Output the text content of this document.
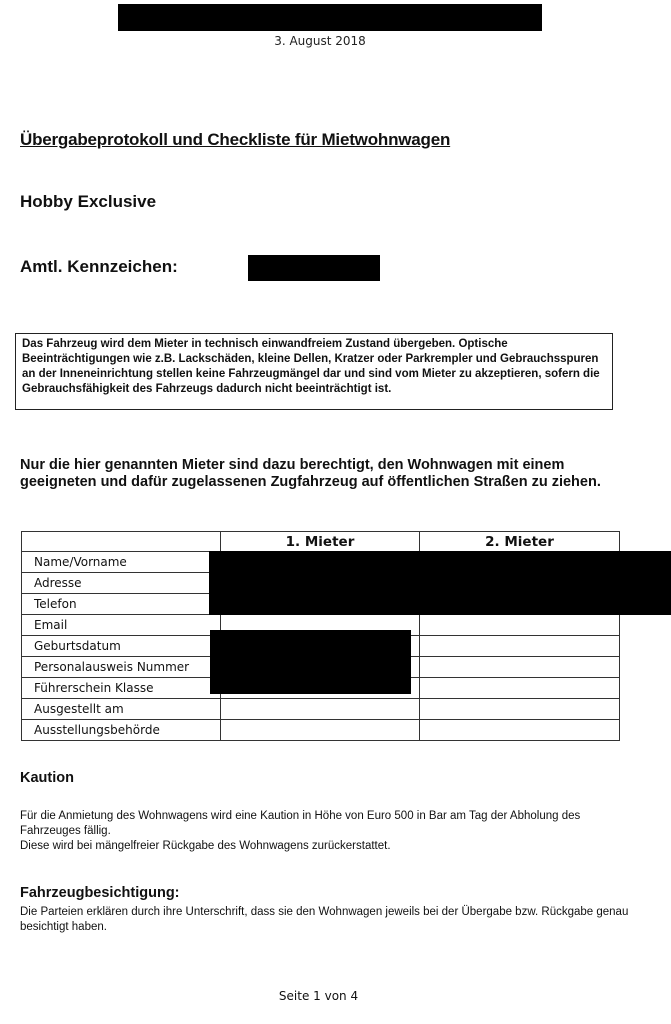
3. August 2018
Übergabeprotokoll und Checkliste für Mietwohnwagen
Hobby Exclusive
Amtl. Kennzeichen:
Das Fahrzeug wird dem Mieter in technisch einwandfreiem Zustand übergeben. Optische Beeinträchtigungen wie z.B. Lackschäden, kleine Dellen, Kratzer oder Parkrempler und Gebrauchsspuren an der Inneneinrichtung stellen keine Fahrzeugmängel dar und sind vom Mieter zu akzeptieren, sofern die Gebrauchsfähigkeit des Fahrzeugs dadurch nicht beeinträchtigt ist.
Nur die hier genannten Mieter sind dazu berechtigt, den Wohnwagen mit einem geeigneten und dafür zugelassenen Zugfahrzeug auf öffentlichen Straßen zu ziehen.
	1. Mieter	2. Mieter
Name/Vorname		
Adresse		
Telefon		
Email		
Geburtsdatum		
Personalausweis Nummer		
Führerschein Klasse		
Ausgestellt am		
Ausstellungsbehörde		
Kaution
Für die Anmietung des Wohnwagens wird eine Kaution in Höhe von Euro 500 in Bar am Tag der Abholung des Fahrzeuges fällig.
Diese wird bei mängelfreier Rückgabe des Wohnwagens zurückerstattet.
Fahrzeugbesichtigung:
Die Parteien erklären durch ihre Unterschrift, dass sie den Wohnwagen jeweils bei der Übergabe bzw. Rückgabe genau besichtigt haben.
Seite 1 von 4
